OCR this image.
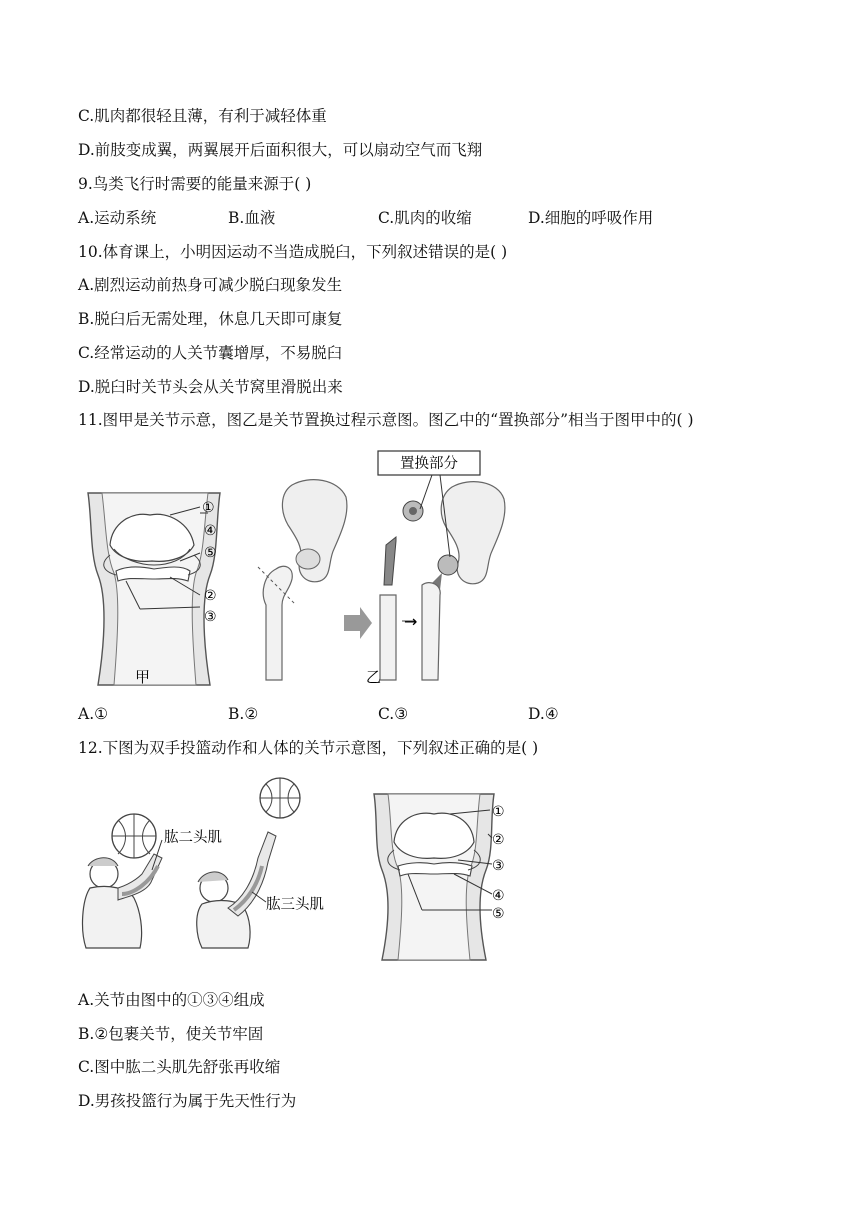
C.肌肉都很轻且薄，有利于减轻体重
D.前肢变成翼，两翼展开后面积很大，可以扇动空气而飞翔
9.鸟类飞行时需要的能量来源于( )
A.运动系统	B.血液	C.肌肉的收缩	D.细胞的呼吸作用
10.体育课上，小明因运动不当造成脱臼，下列叙述错误的是( )
A.剧烈运动前热身可减少脱臼现象发生
B.脱臼后无需处理，休息几天即可康复
C.经常运动的人关节囊增厚，不易脱臼
D.脱臼时关节头会从关节窝里滑脱出来
11.图甲是关节示意，图乙是关节置换过程示意图。图乙中的“置换部分”相当于图甲中的( )
①
④
⑤
②
③
甲
→
置换部分
乙
A.①	B.②	C.③	D.④
12.下图为双手投篮动作和人体的关节示意图，下列叙述正确的是( )
肱二头肌
肱三头肌
①
②
③
④
⑤
A.关节由图中的①③④组成
B.②包裹关节，使关节牢固
C.图中肱二头肌先舒张再收缩
D.男孩投篮行为属于先天性行为
